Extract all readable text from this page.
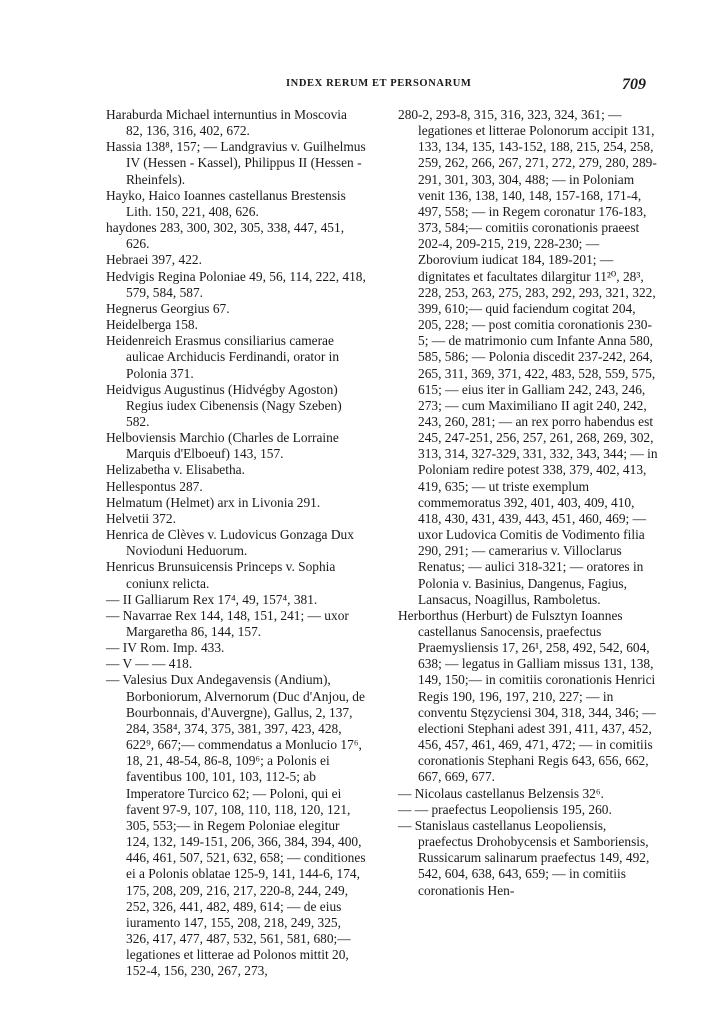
INDEX RERUM ET PERSONARUM	709

Haraburda Michael internuntius in Moscovia 82, 136, 316, 402, 672.

Hassia 138⁸, 157; — Landgravius v. Guilhelmus IV (Hessen - Kassel), Philippus II (Hessen - Rheinfels).

Hayko, Haico Ioannes castellanus Brestensis Lith. 150, 221, 408, 626.

haydones 283, 300, 302, 305, 338, 447, 451, 626.

Hebraei 397, 422.

Hedvigis Regina Poloniae 49, 56, 114, 222, 418, 579, 584, 587.

Hegnerus Georgius 67.

Heidelberga 158.

Heidenreich Erasmus consiliarius camerae aulicae Archiducis Ferdinandi, orator in Polonia 371.

Heidvigus Augustinus (Hidvégby Agoston) Regius iudex Cibenensis (Nagy Szeben) 582.

Helboviensis Marchio (Charles de Lorraine Marquis d'Elboeuf) 143, 157.

Helizabetha v. Elisabetha.

Hellespontus 287.

Helmatum (Helmet) arx in Livonia 291.

Helvetii 372.

Henrica de Clèves v. Ludovicus Gonzaga Dux Novioduni Heduorum.

Henricus Brunsuicensis Princeps v. Sophia coniunx relicta.

— II Galliarum Rex 17⁴, 49, 157⁴, 381.

— Navarrae Rex 144, 148, 151, 241; — uxor Margaretha 86, 144, 157.

— IV Rom. Imp. 433.

— V — — 418.

— Valesius Dux Andegavensis (Andium), Borboniorum, Alvernorum (Duc d'Anjou, de Bourbonnais, d'Auvergne), Gallus, 2, 137, 284, 358⁴, 374, 375, 381, 397, 423, 428, 622⁹, 667;— commendatus a Monlucio 17⁶, 18, 21, 48-54, 86-8, 109⁶; a Polonis ei faventibus 100, 101, 103, 112-5; ab Imperatore Turcico 62; — Poloni, qui ei favent 97-9, 107, 108, 110, 118, 120, 121, 305, 553;— in Regem Poloniae elegitur 124, 132, 149-151, 206, 366, 384, 394, 400, 446, 461, 507, 521, 632, 658; — conditiones ei a Polonis oblatae 125-9, 141, 144-6, 174, 175, 208, 209, 216, 217, 220-8, 244, 249, 252, 326, 441, 482, 489, 614; — de eius iuramento 147, 155, 208, 218, 249, 325, 326, 417, 477, 487, 532, 561, 581, 680;— legationes et litterae ad Polonos mittit 20, 152-4, 156, 230, 267, 273,

280-2, 293-8, 315, 316, 323, 324, 361; — legationes et litterae Polonorum accipit 131, 133, 134, 135, 143-152, 188, 215, 254, 258, 259, 262, 266, 267, 271, 272, 279, 280, 289-291, 301, 303, 304, 488; — in Poloniam venit 136, 138, 140, 148, 157-168, 171-4, 497, 558; — in Regem coronatur 176-183, 373, 584;— comitiis coronationis praeest 202-4, 209-215, 219, 228-230; — Zborovium iudicat 184, 189-201; — dignitates et facultates dilargitur 11²⁰, 28³, 228, 253, 263, 275, 283, 292, 293, 321, 322, 399, 610;— quid faciendum cogitat 204, 205, 228; — post comitia coronationis 230-5; — de matrimonio cum Infante Anna 580, 585, 586; — Polonia discedit 237-242, 264, 265, 311, 369, 371, 422, 483, 528, 559, 575, 615; — eius iter in Galliam 242, 243, 246, 273; — cum Maximiliano II agit 240, 242, 243, 260, 281; — an rex porro habendus est 245, 247-251, 256, 257, 261, 268, 269, 302, 313, 314, 327-329, 331, 332, 343, 344; — in Poloniam redire potest 338, 379, 402, 413, 419, 635; — ut triste exemplum commemoratus 392, 401, 403, 409, 410, 418, 430, 431, 439, 443, 451, 460, 469; — uxor Ludovica Comitis de Vodimento filia 290, 291; — camerarius v. Villoclarus Renatus; — aulici 318-321; — oratores in Polonia v. Basinius, Dangenus, Fagius, Lansacus, Noagillus, Ramboletus.

Herborthus (Herburt) de Fulsztyn Ioannes castellanus Sanocensis, praefectus Praemysliensis 17, 26¹, 258, 492, 542, 604, 638; — legatus in Galliam missus 131, 138, 149, 150;— in comitiis coronationis Henrici Regis 190, 196, 197, 210, 227; — in conventu Stęzyciensi 304, 318, 344, 346; — electioni Stephani adest 391, 411, 437, 452, 456, 457, 461, 469, 471, 472; — in comitiis coronationis Stephani Regis 643, 656, 662, 667, 669, 677.

— Nicolaus castellanus Belzensis 32⁶.

— — praefectus Leopoliensis 195, 260.

— Stanislaus castellanus Leopoliensis, praefectus Drohobycensis et Samboriensis, Russicarum salinarum praefectus 149, 492, 542, 604, 638, 643, 659; — in comitiis coronationis Hen-
